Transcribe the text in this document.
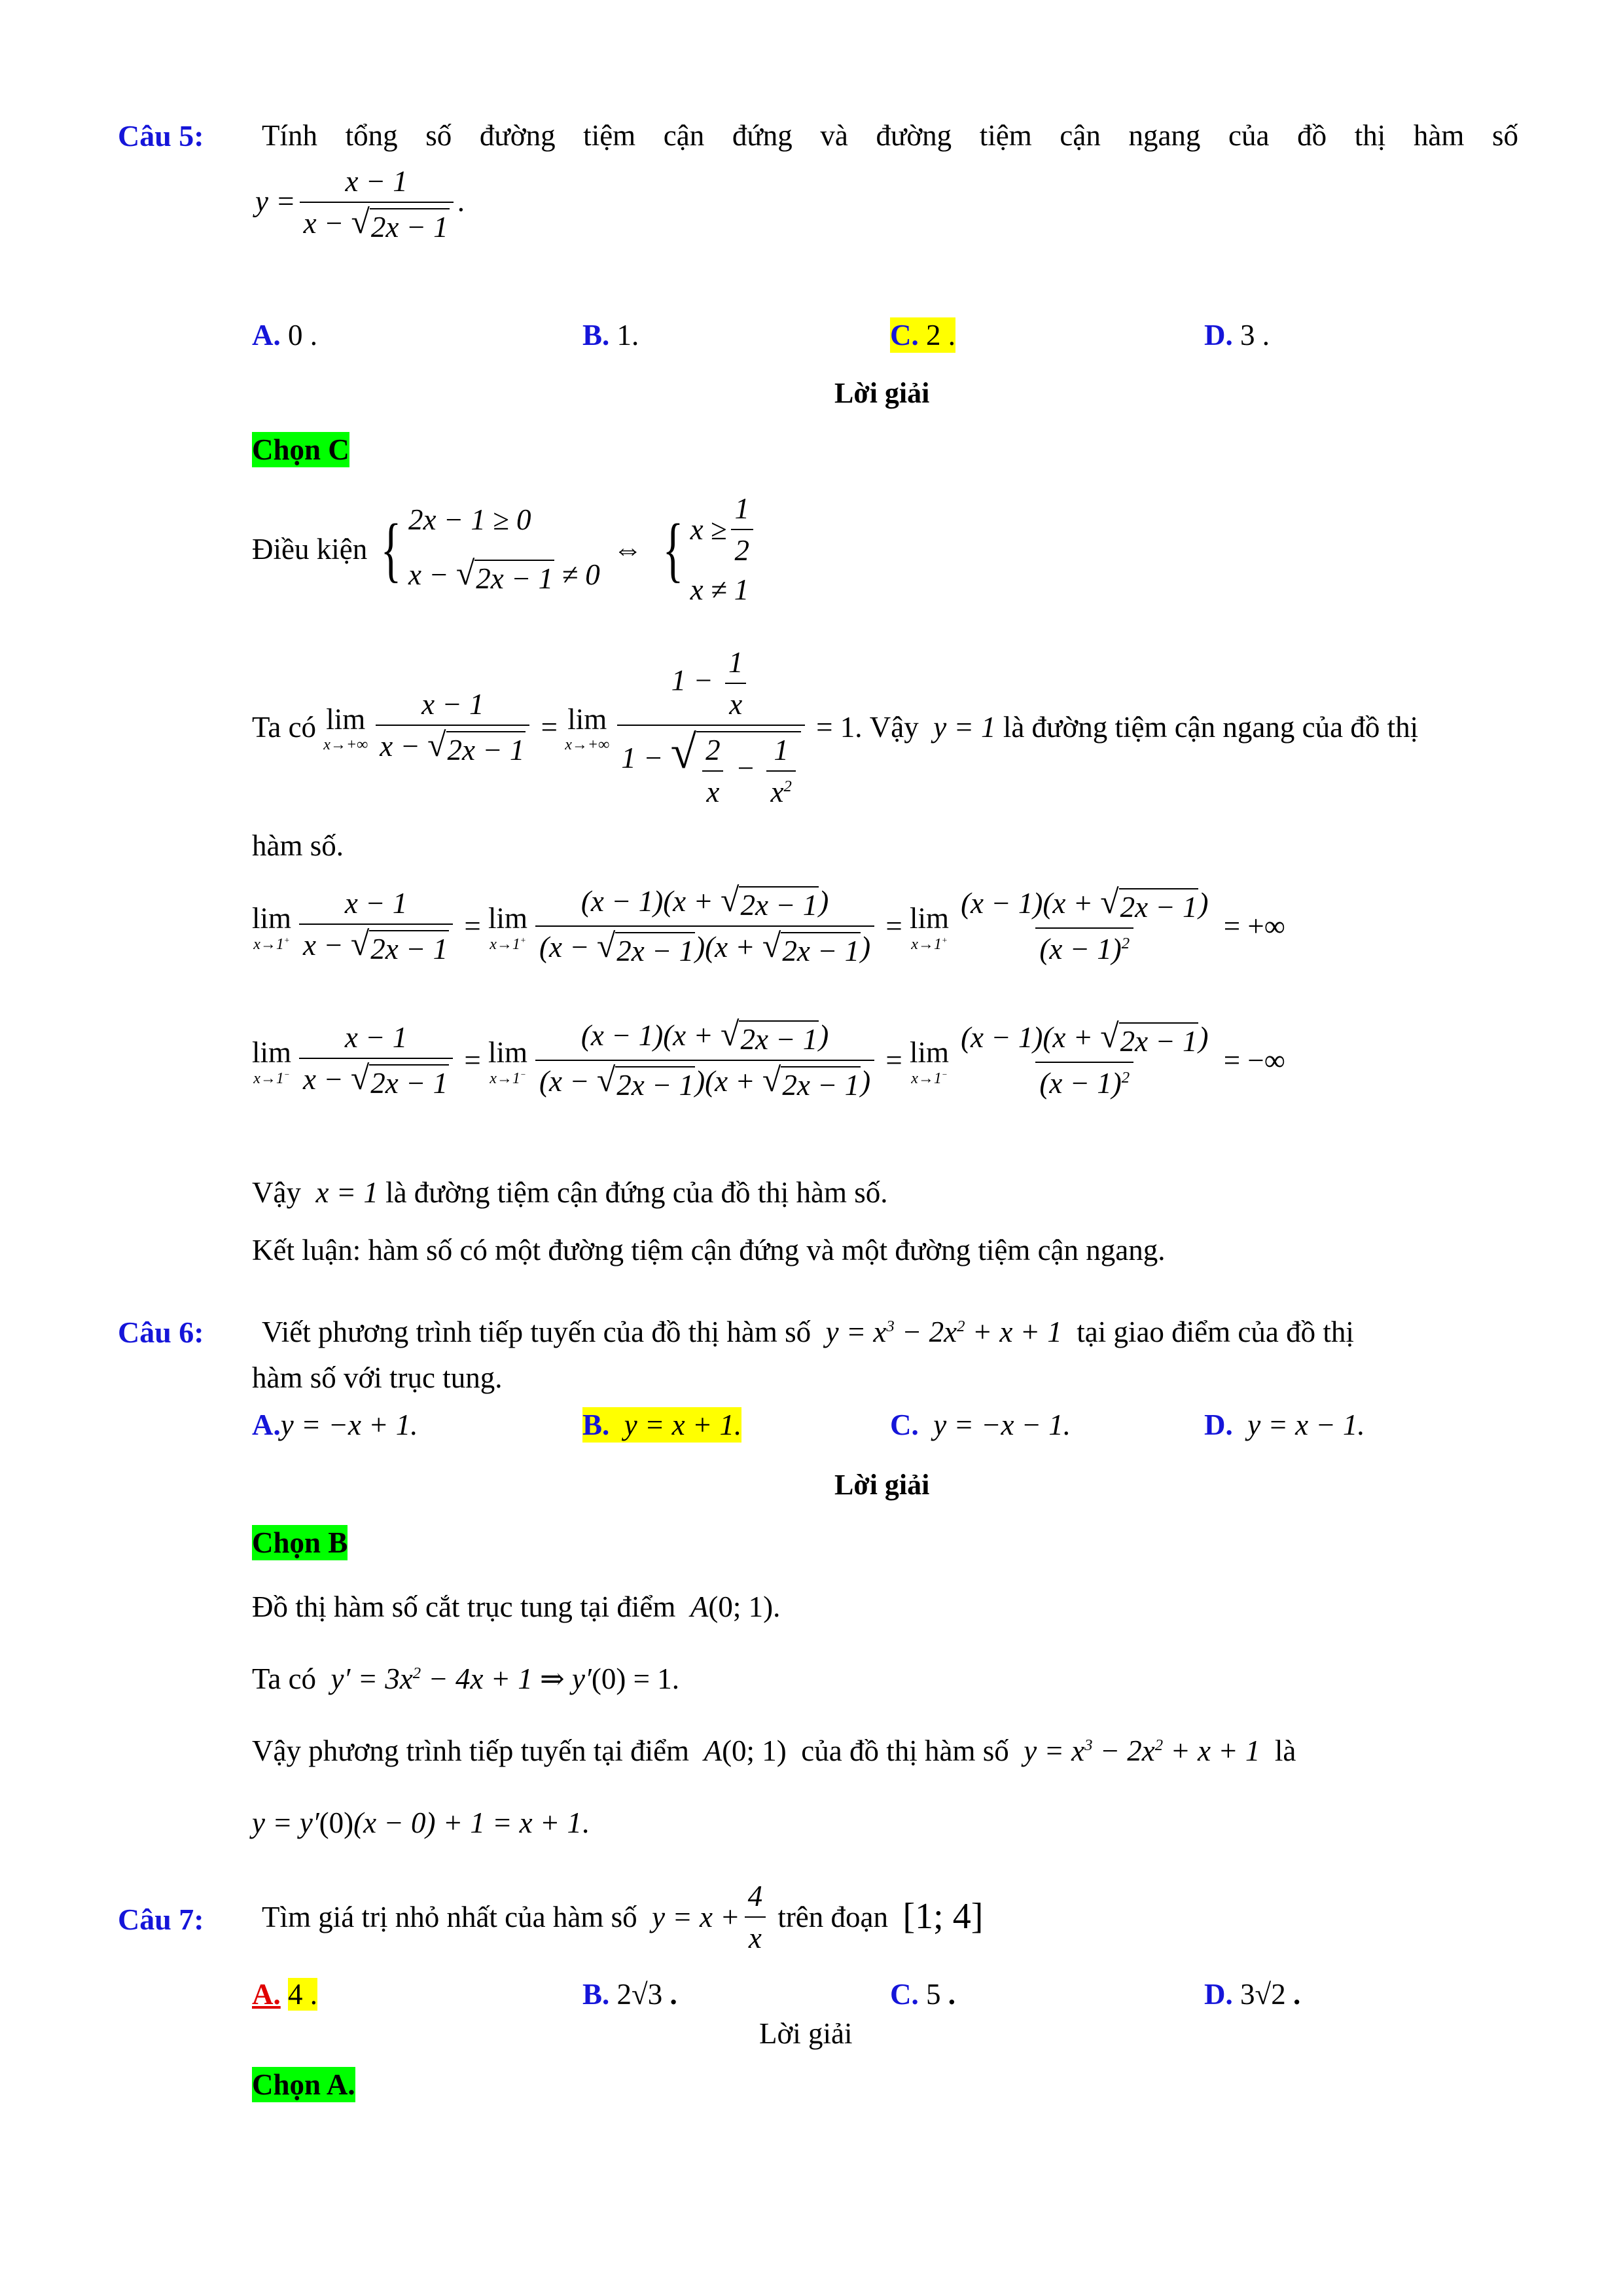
Câu 5: Tính tổng số đường tiệm cận đứng và đường tiệm cận ngang của đồ thị hàm số
$y = \frac{x - 1}{x - √ 2x - 1}$ .
A. 0 .	B. 1.	C. 2 .	D. 3 .
Lời giải
Chọn C
Điều kiện { 2x − 1 ≥ 0
x − √ 2x − 1 ≠ 0
⇔ { $x \ge \frac{1}{2}$
x ≠ 1
Ta có
lim
$x\to+\infty \frac{x - 1}{x - √ 2x - 1} = \lim$
$x\to+\infty \frac{1 - \frac{1}{x}}{1 - √ \frac{2}{x} - \frac{1}{x^2}} = 1$. Vậy
y = 1
là đường tiệm cận ngang của đồ thị
hàm số.
lim
$x\to 1^+ \frac{x - 1}{x - √ 2x - 1} = \lim$
$x\to 1^+ \frac{(x - 1)(x + √ 2x - 1 )}{(x - √ 2x - 1 )(x + √ 2x - 1 )} = \lim$
$x\to 1^+ \frac{(x - 1)(x + √ 2x - 1 )}{(x - 1)^2}$ = +∞
lim
$x\to 1^- \frac{x - 1}{x - √ 2x - 1} = \lim$
$x\to 1^- \frac{(x - 1)(x + √ 2x - 1 )}{(x - √ 2x - 1 )(x + √ 2x - 1 )} = \lim$
$x\to 1^- \frac{(x - 1)(x + √ 2x - 1 )}{(x - 1)^2}$ = −∞
Vậy x = 1 là đường tiệm cận đứng của đồ thị hàm số.
Kết luận: hàm số có một đường tiệm cận đứng và một đường tiệm cận ngang.
Câu 6: Viết phương trình tiếp tuyến của đồ thị hàm số $y = x^3 - 2x^2 + x + 1$ tại giao điểm của đồ thị
hàm số với trục tung.
A.y = −x + 1.	B. y = x + 1.	C. y = −x − 1.	D. y = x − 1.
Lời giải
Chọn B
Đồ thị hàm số cắt trục tung tại điểm A(0; 1).
Ta có $y' = 3x^2 - 4x + 1$ ⇒ y′(0) = 1.
Vậy phương trình tiếp tuyến tại điểm A(0; 1) của đồ thị hàm số $y = x^3 - 2x^2 + x + 1$ là
y = y′(0)(x − 0) + 1 = x + 1.
Câu 7: Tìm giá trị nhỏ nhất của hàm số
$y = x + \frac{4}{x}$
trên đoạn
[1; 4]
A. 4 .	B. 2√3 .	C. 5 .	D. 3√2 .
Lời giải
Chọn A.
